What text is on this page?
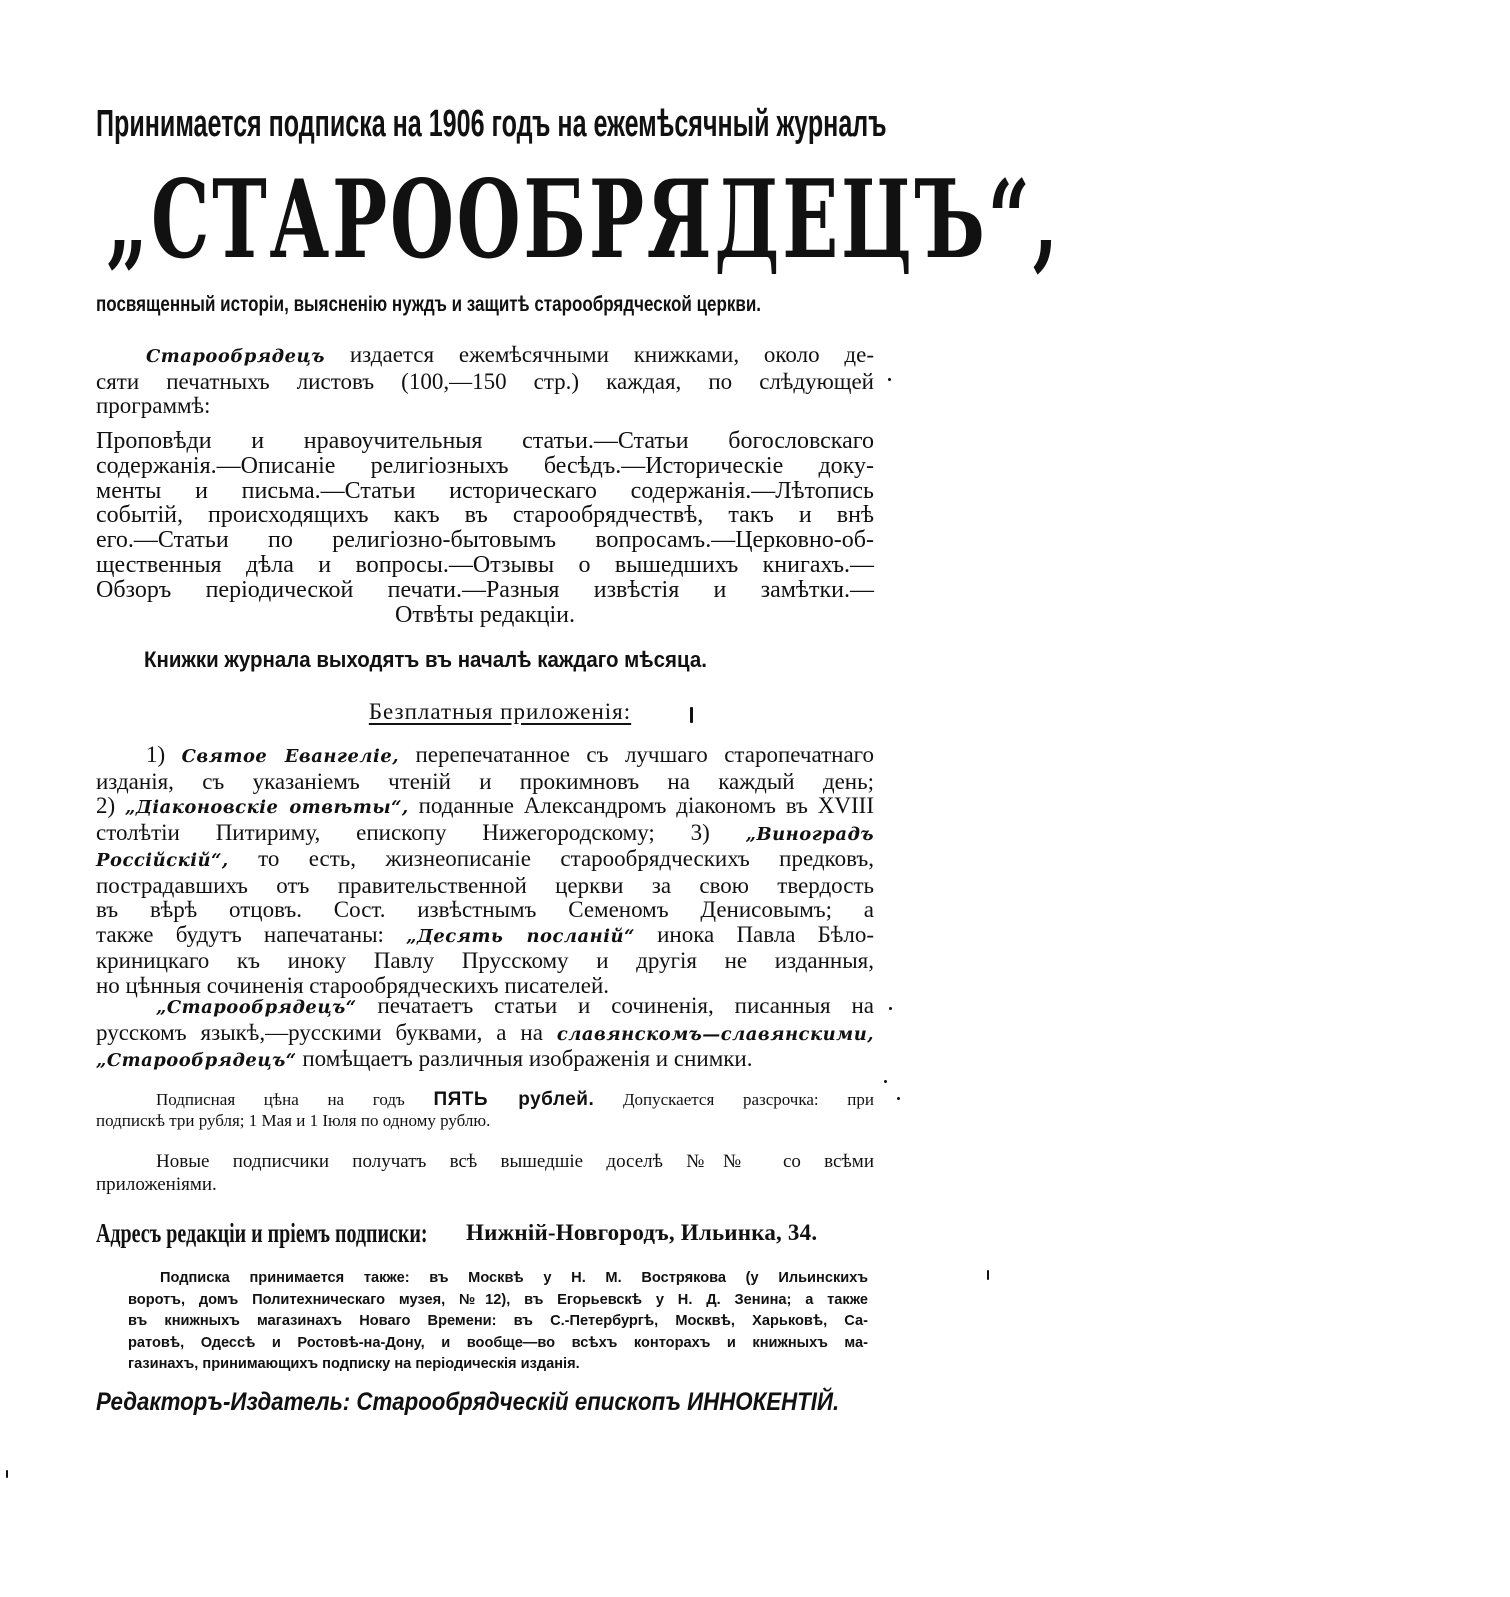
Принимается подписка на 1906 годъ на ежемѣсячный журналъ
„СТАРООБРЯДЕЦЪ“,
посвященный исторіи, выясненію нуждъ и защитѣ старообрядческой церкви.
Старообрядецъ издается ежемѣсячными книжками, около де-
сяти печатныхъ листовъ (100,—150 стр.) каждая, по слѣдующей
программѣ:
Проповѣди и нравоучительныя статьи.—Статьи богословскаго
содержанія.—Описаніе религіозныхъ бесѣдъ.—Историческіе доку-
менты и письма.—Статьи историческаго содержанія.—Лѣтопись
событій, происходящихъ какъ въ старообрядчествѣ, такъ и внѣ
его.—Статьи по религіозно-бытовымъ вопросамъ.—Церковно-об-
щественныя дѣла и вопросы.—Отзывы о вышедшихъ книгахъ.—
Обзоръ періодической печати.—Разныя извѣстія и замѣтки.—
Отвѣты редакціи.
Книжки журнала выходятъ въ началѣ каждаго мѣсяца.
Безплатныя приложенія:
1) Святое Евангеліе, перепечатанное съ лучшаго старопечатнаго
изданія, съ указаніемъ чтеній и прокимновъ на каждый день;
2) „Діаконовскіе отвѣты“, поданные Александромъ діакономъ въ XVIII
столѣтіи Питириму, епископу Нижегородскому; 3) „Виноградъ
Россійскій“, то есть, жизнеописаніе старообрядческихъ предковъ,
пострадавшихъ отъ правительственной церкви за свою твердость
въ вѣрѣ отцовъ. Сост. извѣстнымъ Семеномъ Денисовымъ; а
также будутъ напечатаны: „Десять посланій“ инока Павла Бѣло-
криницкаго къ иноку Павлу Прусскому и другія не изданныя,
но цѣнныя сочиненія старообрядческихъ писателей.
„Старообрядецъ“ печатаетъ статьи и сочиненія, писанныя на
русскомъ языкѣ,—русскими буквами, а на славянскомъ—славянскими,
„Старообрядецъ“ помѣщаетъ различныя изображенія и снимки.
Подписная цѣна на годъ ПЯТЬ рублей. Допускается разсрочка: при
подпискѣ три рубля; 1 Мая и 1 Іюля по одному рублю.
Новые подписчики получатъ всѣ вышедшіе доселѣ №№ со всѣми
приложеніями.
Адресъ редакціи и пріемъ подписки: Нижній-Новгородъ, Ильинка, 34.
Подписка принимается также: въ Москвѣ у Н. М. Вострякова (у Ильинскихъ
воротъ, домъ Политехническаго музея, №12), въ Егорьевскѣ у Н. Д. Зенина; а также
въ книжныхъ магазинахъ Новаго Времени: въ С.-Петербургѣ, Москвѣ, Харьковѣ, Са-
ратовѣ, Одессѣ и Ростовѣ-на-Дону, и вообще—во всѣхъ конторахъ и книжныхъ ма-
газинахъ, принимающихъ подписку на періодическія изданія.
Редакторъ-Издатель: Старообрядческій епископъ ИННОКЕНТІЙ.
